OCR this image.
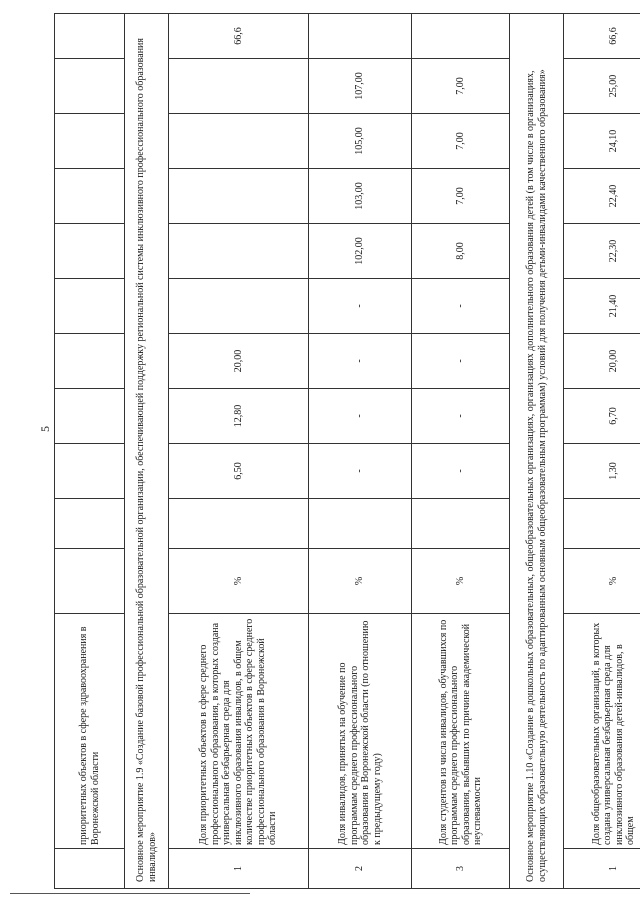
5
	приоритетных объектов в сфере здравоохранения в Воронежской области											
Основное мероприятие 1.9 «Создание базовой профессиональной образовательной организации, обеспечивающей поддержку региональной системы инклюзивного профессионального образования инвалидов»												
1	Доля приоритетных объектов в сфере среднего профессионального образования, в которых создана универсальная безбарьерная среда для инклюзивного образования инвалидов, в общем количестве приоритетных объектов в сфере среднего профессионального образования в Воронежской области	%		6,50	12,80	20,00						66,6
2	Доля инвалидов, принятых на обучение по программам среднего профессионального образования в Воронежской области (по отношению к предыдущему году)	%		-	-	-	-	102,00	103,00	105,00	107,00	
3	Доля студентов из числа инвалидов, обучавшихся по программам среднего профессионального образования, выбывших по причине академической неуспеваемости	%		-	-	-	-	8,00	7,00	7,00	7,00	
Основное мероприятие 1.10 «Создание в дошкольных образовательных, общеобразовательных организациях, организациях дополнительного образования детей (в том числе в организациях, осуществляющих образовательную деятельность по адаптированным основным общеобразовательным программам) условий для получения детьми-инвалидами качественного образования»												
1	Доля общеобразовательных организаций, в которых создана универсальная безбарьерная среда для инклюзивного образования детей-инвалидов, в общем	%		1,30	6,70	20,00	21,40	22,30	22,40	24,10	25,00	66,6
